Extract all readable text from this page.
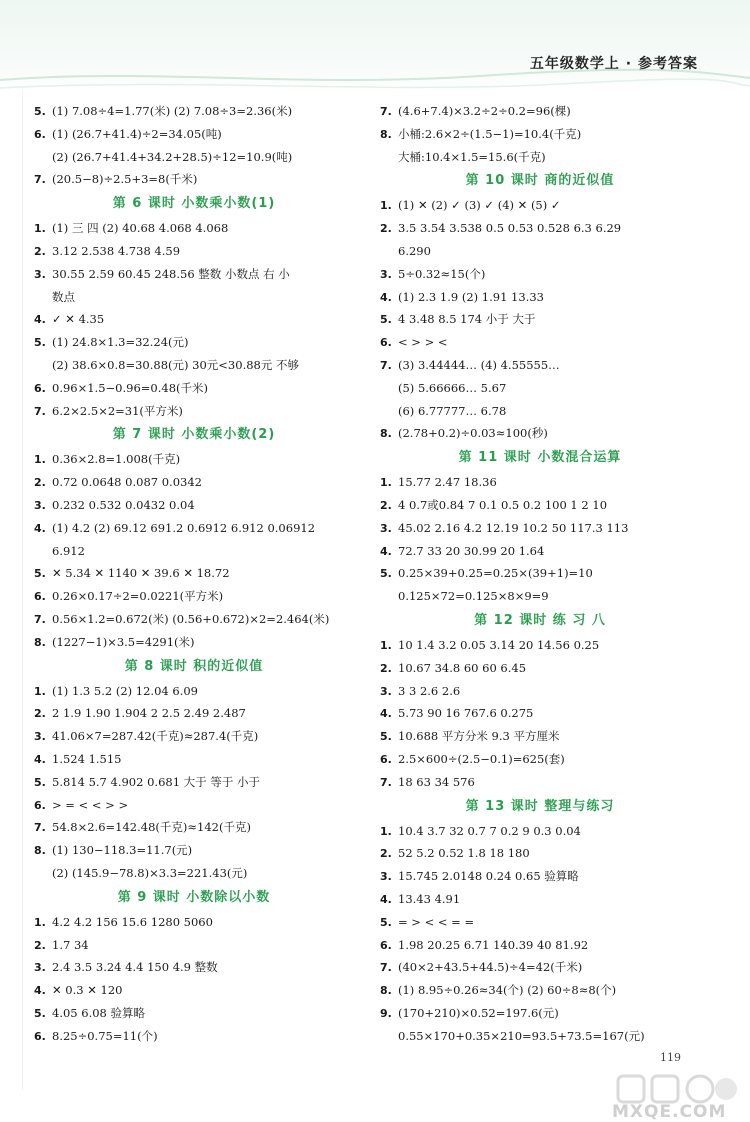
五年级数学上 · 参考答案
5. (1) 7.08÷4=1.77(米) (2) 7.08÷3=2.36(米)
6. (1) (26.7+41.4)÷2=34.05(吨)
(2) (26.7+41.4+34.2+28.5)÷12=10.9(吨)
7. (20.5−8)÷2.5+3=8(千米)
第 6 课时 小数乘小数(1)
1. (1) 三 四 (2) 40.68 4.068 4.068
2. 3.12 2.538 4.738 4.59
3. 30.55 2.59 60.45 248.56 整数 小数点 右 小
数点
4. ✓ ✕ 4.35
5. (1) 24.8×1.3=32.24(元)
(2) 38.6×0.8=30.88(元) 30元<30.88元 不够
6. 0.96×1.5−0.96=0.48(千米)
7. 6.2×2.5×2=31(平方米)
第 7 课时 小数乘小数(2)
1. 0.36×2.8=1.008(千克)
2. 0.72 0.0648 0.087 0.0342
3. 0.232 0.532 0.0432 0.04
4. (1) 4.2 (2) 69.12 691.2 0.6912 6.912 0.06912
6.912
5. ✕ 5.34 ✕ 1140 ✕ 39.6 ✕ 18.72
6. 0.26×0.17÷2=0.0221(平方米)
7. 0.56×1.2=0.672(米) (0.56+0.672)×2=2.464(米)
8. (1227−1)×3.5=4291(米)
第 8 课时 积的近似值
1. (1) 1.3 5.2 (2) 12.04 6.09
2. 2 1.9 1.90 1.904 2 2.5 2.49 2.487
3. 41.06×7=287.42(千克)≈287.4(千克)
4. 1.524 1.515
5. 5.814 5.7 4.902 0.681 大于 等于 小于
6. > = < < > >
7. 54.8×2.6=142.48(千克)≈142(千克)
8. (1) 130−118.3=11.7(元)
(2) (145.9−78.8)×3.3=221.43(元)
第 9 课时 小数除以小数
1. 4.2 4.2 156 15.6 1280 5060
2. 1.7 34
3. 2.4 3.5 3.24 4.4 150 4.9 整数
4. ✕ 0.3 ✕ 120
5. 4.05 6.08 验算略
6. 8.25÷0.75=11(个)
7. (4.6+7.4)×3.2÷2÷0.2=96(棵)
8. 小桶:2.6×2÷(1.5−1)=10.4(千克)
大桶:10.4×1.5=15.6(千克)
第 10 课时 商的近似值
1. (1) ✕ (2) ✓ (3) ✓ (4) ✕ (5) ✓
2. 3.5 3.54 3.538 0.5 0.53 0.528 6.3 6.29
6.290
3. 5÷0.32≈15(个)
4. (1) 2.3 1.9 (2) 1.91 13.33
5. 4 3.48 8.5 174 小于 大于
6. < > > <
7. (3) 3.44444… (4) 4.55555…
(5) 5.66666… 5.67
(6) 6.77777… 6.78
8. (2.78+0.2)÷0.03≈100(秒)
第 11 课时 小数混合运算
1. 15.77 2.47 18.36
2. 4 0.7或0.84 7 0.1 0.5 0.2 100 1 2 10
3. 45.02 2.16 4.2 12.19 10.2 50 117.3 113
4. 72.7 33 20 30.99 20 1.64
5. 0.25×39+0.25=0.25×(39+1)=10
0.125×72=0.125×8×9=9
第 12 课时 练 习 八
1. 10 1.4 3.2 0.05 3.14 20 14.56 0.25
2. 10.67 34.8 60 60 6.45
3. 3 3 2.6 2.6
4. 5.73 90 16 767.6 0.275
5. 10.688 平方分米 9.3 平方厘米
6. 2.5×600÷(2.5−0.1)=625(套)
7. 18 63 34 576
第 13 课时 整理与练习
1. 10.4 3.7 32 0.7 7 0.2 9 0.3 0.04
2. 52 5.2 0.52 1.8 18 180
3. 15.745 2.0148 0.24 0.65 验算略
4. 13.43 4.91
5. = > < < = =
6. 1.98 20.25 6.71 140.39 40 81.92
7. (40×2+43.5+44.5)÷4=42(千米)
8. (1) 8.95÷0.26≈34(个) (2) 60÷8≈8(个)
9. (170+210)×0.52=197.6(元)
0.55×170+0.35×210=93.5+73.5=167(元)
119
MXQE.COM
